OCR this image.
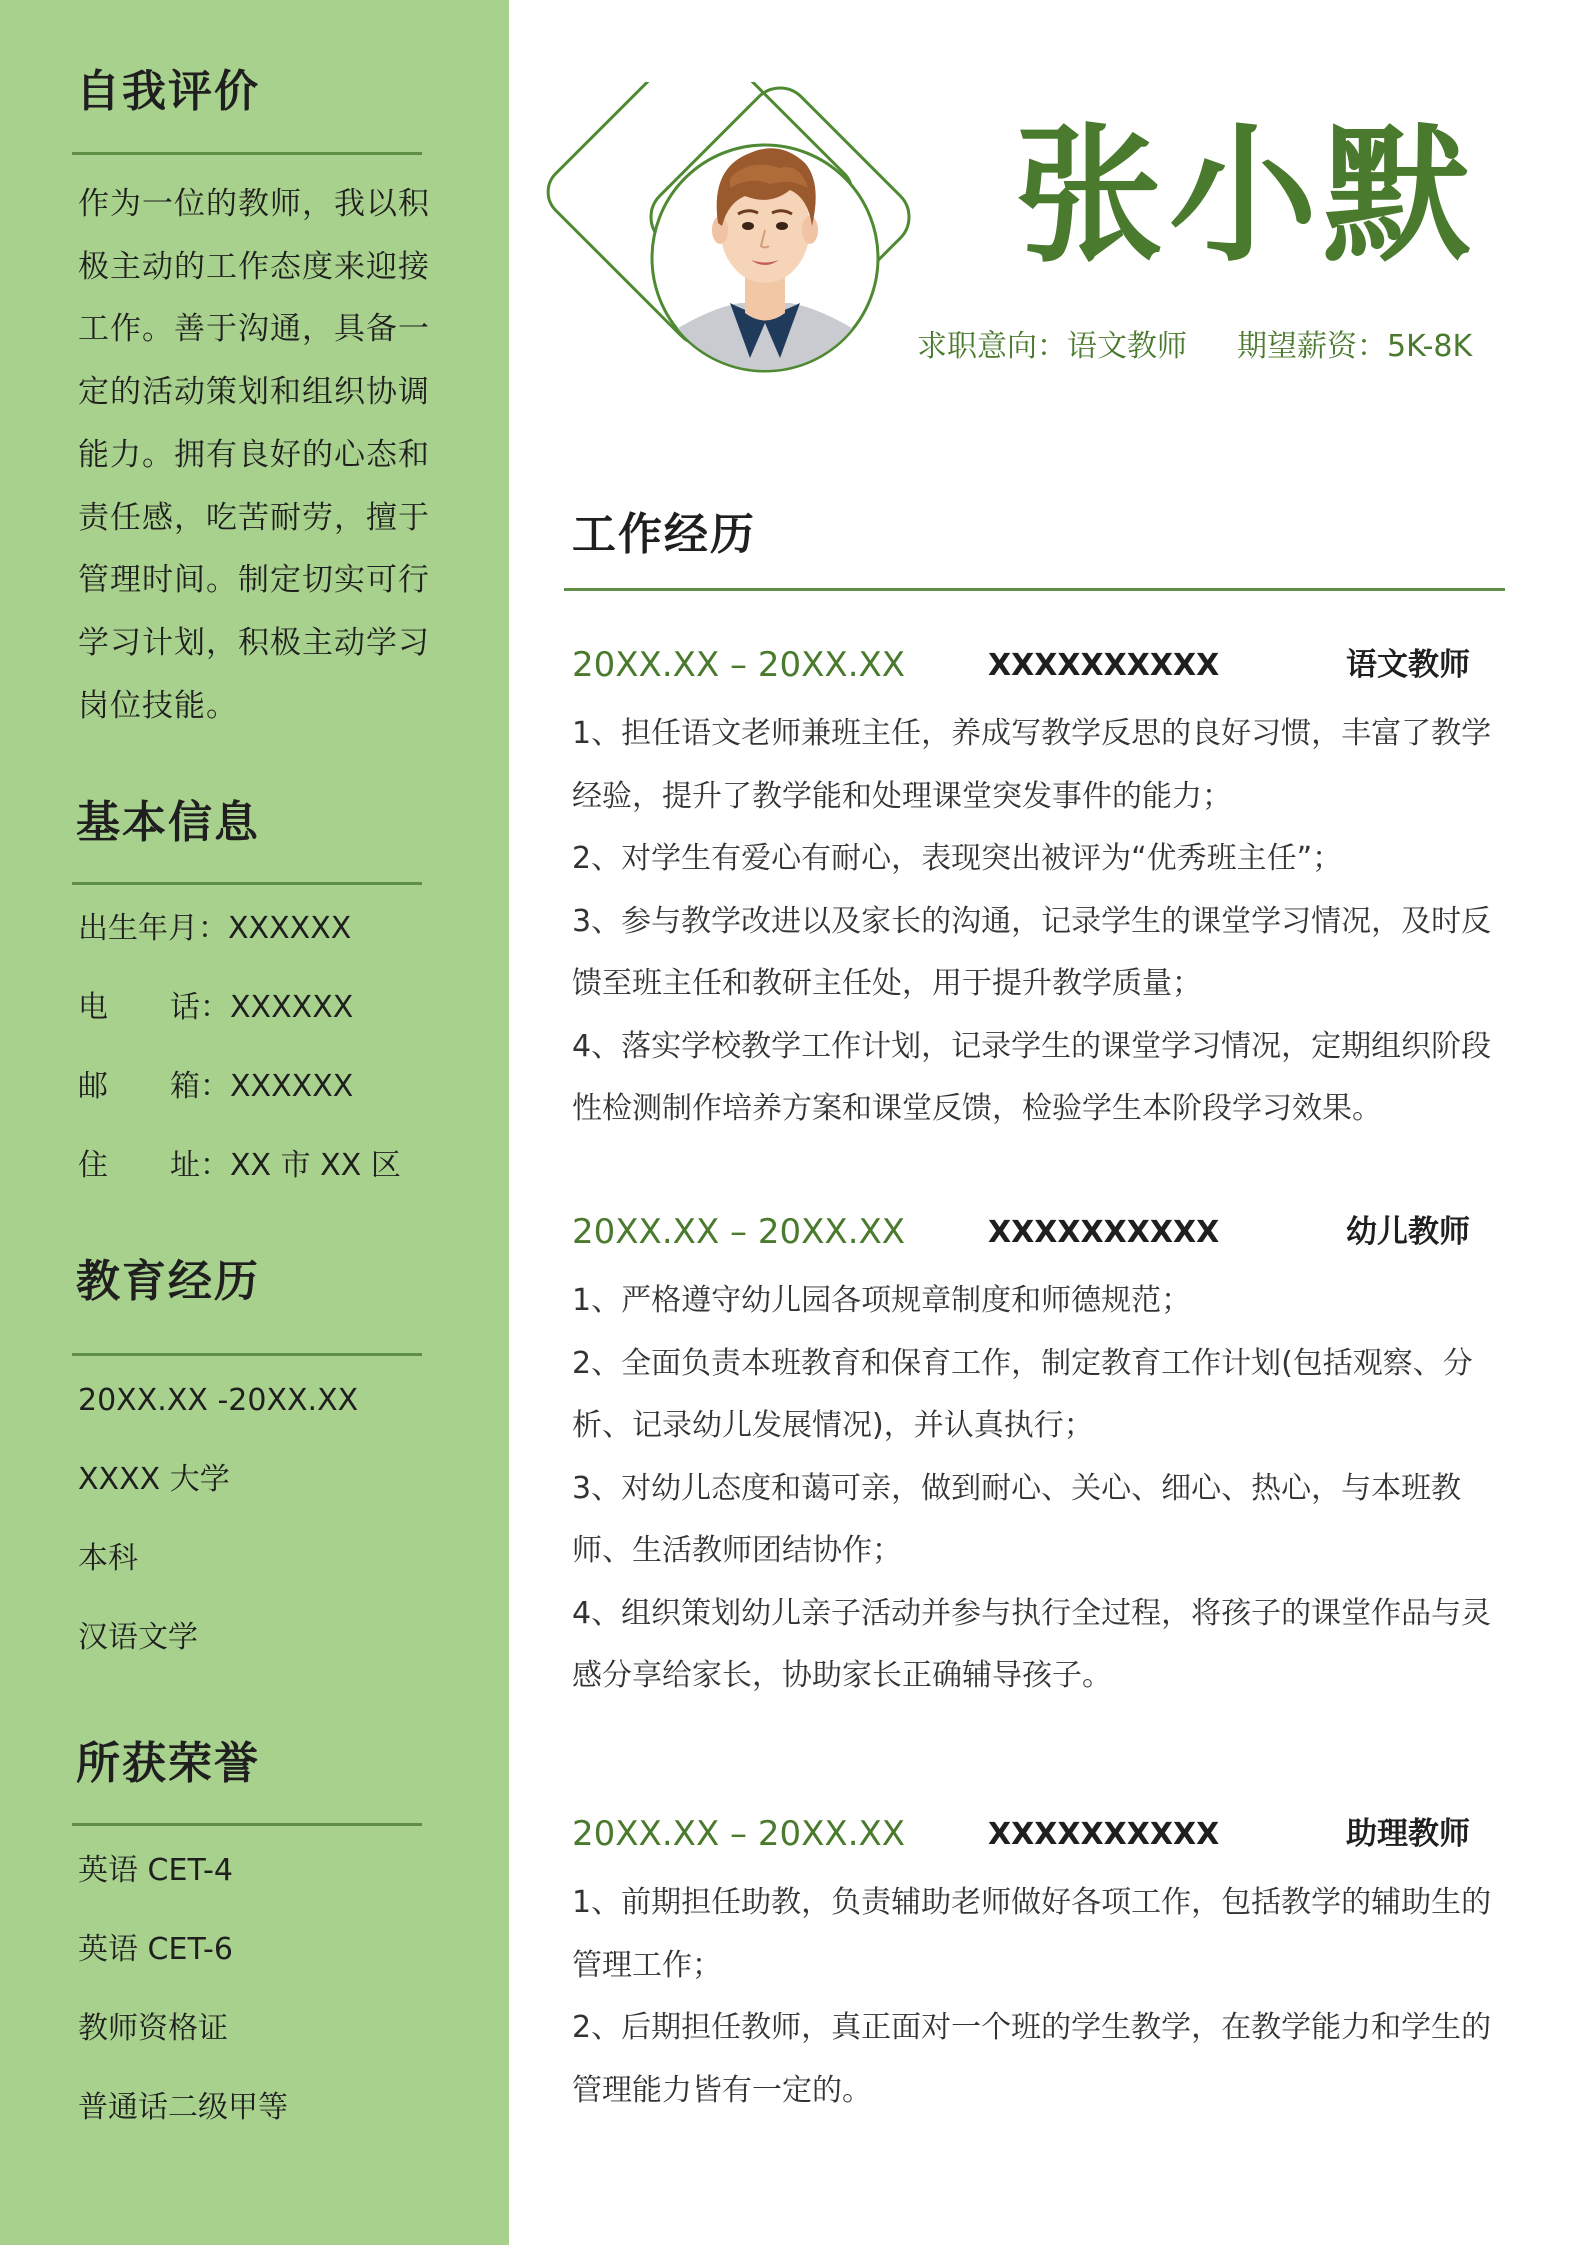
自我评价

作为一位的教师，我以积极主动的工作态度来迎接工作。善于沟通，具备一定的活动策划和组织协调能力。拥有良好的心态和责任感，吃苦耐劳，擅于管理时间。制定切实可行学习计划，积极主动学习岗位技能。

基本信息

出生年月：XXXXXX

电 话 ：XXXXXX

邮 箱 ：XXXXXX

住 址 ：XX 市 XX 区

教育经历

20XX.XX -20XX.XX

XXXX 大学

本科

汉语文学

所获荣誉

英语 CET-4

英语 CET-6

教师资格证

普通话二级甲等

张小默

求职意向：语文教师 期望薪资：5K-8K

工作经历
20XX.XX – 20XX.XX	XXXXXXXXXX	语文教师
1、担任语文老师兼班主任，养成写教学反思的良好习惯，丰富了教学经验，提升了教学能和处理课堂突发事件的能力；
2、对学生有爱心有耐心，表现突出被评为“优秀班主任”；
3、参与教学改进以及家长的沟通，记录学生的课堂学习情况，及时反馈至班主任和教研主任处，用于提升教学质量；
4、落实学校教学工作计划，记录学生的课堂学习情况，定期组织阶段性检测制作培养方案和课堂反馈，检验学生本阶段学习效果。
20XX.XX – 20XX.XX	XXXXXXXXXX	幼儿教师
1、严格遵守幼儿园各项规章制度和师德规范；
2、全面负责本班教育和保育工作，制定教育工作计划(包括观察、分析、记录幼儿发展情况)，并认真执行；
3、对幼儿态度和蔼可亲，做到耐心、关心、细心、热心，与本班教师、生活教师团结协作；
4、组织策划幼儿亲子活动并参与执行全过程，将孩子的课堂作品与灵感分享给家长，协助家长正确辅导孩子。
20XX.XX – 20XX.XX	XXXXXXXXXX	助理教师
1、前期担任助教，负责辅助老师做好各项工作，包括教学的辅助生的管理工作；
2、后期担任教师，真正面对一个班的学生教学，在教学能力和学生的管理能力皆有一定的。
